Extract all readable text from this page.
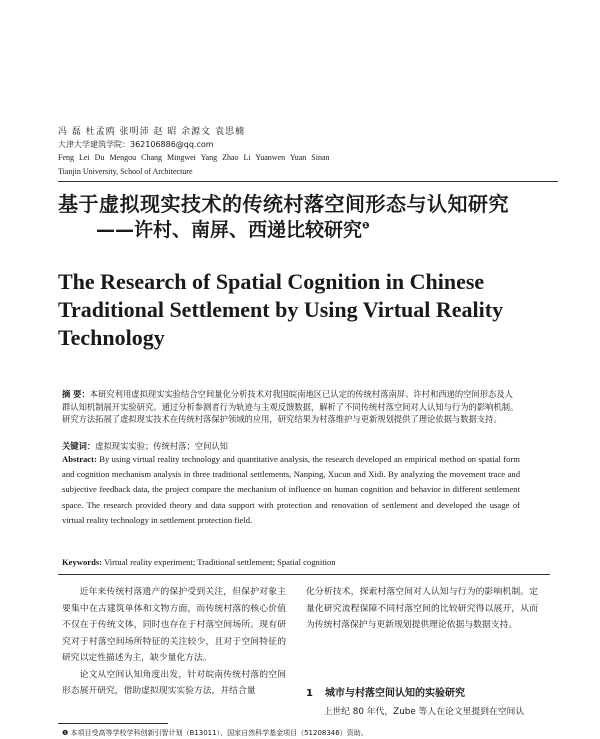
冯 磊 杜孟鸥 张明沛 赵 昭 余源文 袁思楠
大津大学建筑学院：362106886@qq.com
Feng Lei Du Mengou Chang Mingwei Yang Zhao Li Yuanwen Yuan Sinan
Tianjin University, School of Architecture
基于虚拟现实技术的传统村落空间形态与认知研究
——许村、南屏、西递比较研究$^❶$
The Research of Spatial Cognition in Chinese Traditional Settlement by Using Virtual Reality Technology
摘 要：本研究利用虚拟现实实验结合空间量化分析技术对我国皖南地区已认定的传统村落南屏、许村和西递的空间形态及人群认知机制展开实验研究。通过分析参测者行为轨迹与主观反馈数据，解析了不同传统村落空间对人认知与行为的影响机制。研究方法拓展了虚拟现实技术在传统村落保护领域的应用，研究结果为村落维护与更新规划提供了理论依据与数据支持。
关键词：虚拟现实实验；传统村落；空间认知
Abstract: By using virtual reality technology and quantitative analysis, the research developed an empirical method on spatial form and cognition mechanism analysis in three traditional settlements, Nanping, Xucun and Xidi. By analyzing the movement trace and subjective feedback data, the project compare the mechanism of influence on human cognition and behavior in different settlement space. The research provided theory and data support with protection and renovation of settlement and developed the usage of virtual reality technology in settlement protection field.
Keywords: Virtual reality experiment; Traditional settlement; Spatial cognition

近年来传统村落遗产的保护受到关注，但保护对象主要集中在古建筑单体和文物方面，而传统村落的核心价值不仅在于传统文体，同时也存在于村落空间场所。现有研究对于村落空间场所特征的关注较少，且对于空间特征的研究以定性描述为主，缺少量化方法。

论文从空间认知角度出发，针对皖南传统村落的空间形态展开研究，借助虚拟现实实验方法，并结合量

化分析技术，探索村落空间对人认知与行为的影响机制。定量化研究流程保障不同村落空间的比较研究得以展开，从而为传统村落保护与更新规划提供理论依据与数据支持。

1 城市与村落空间认知的实验研究
上世纪 80 年代，Zube 等人在论文里提到在空间认
❶ 本项目受高等学校学科创新引智计划（B13011）、国家自然科学基金项目（51208346）资助。
